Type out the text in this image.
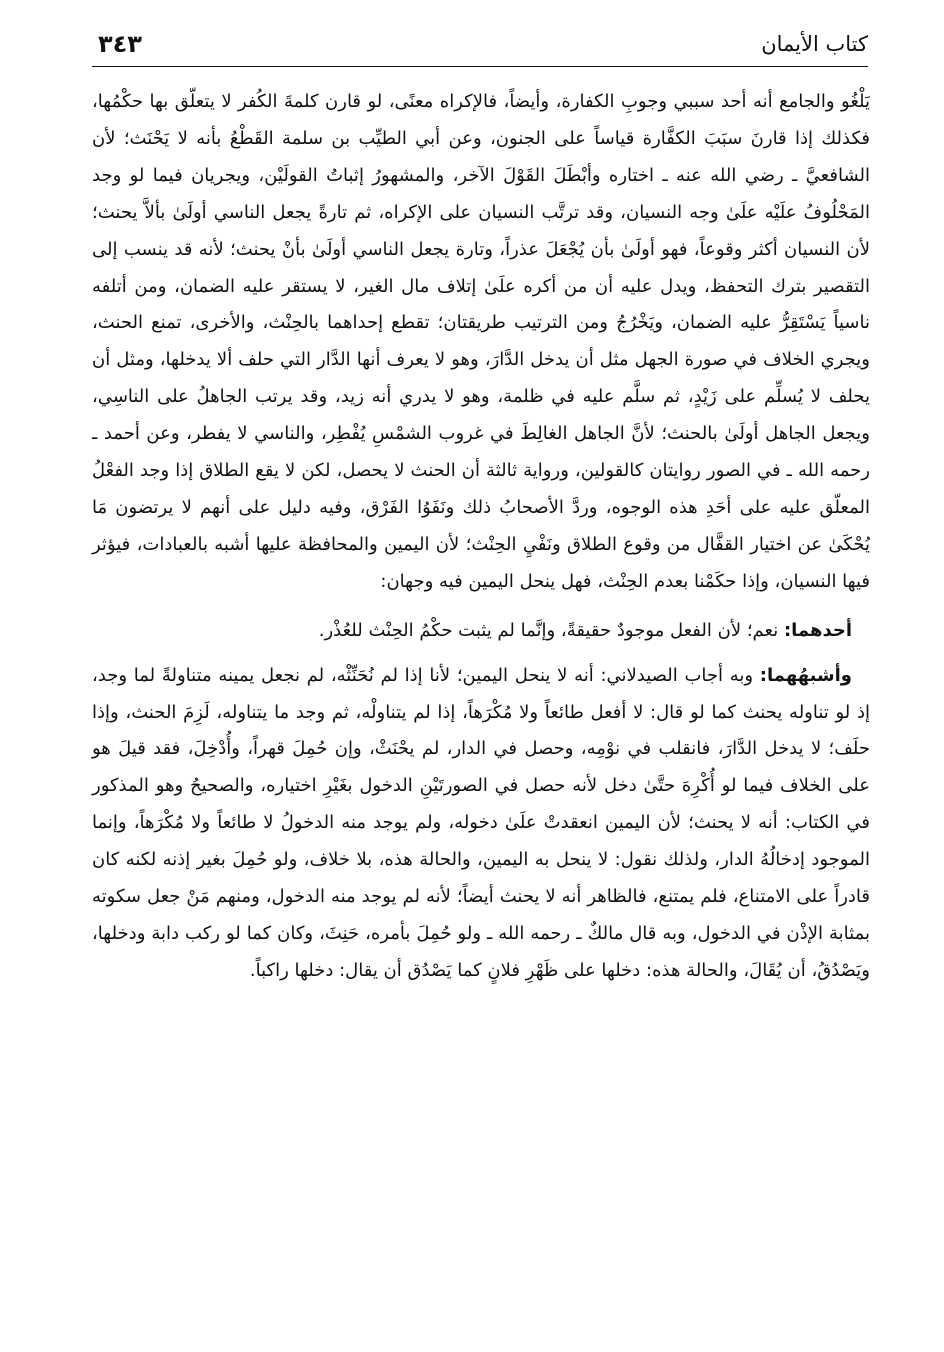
كتاب الأيمان
٣٤٣

يَلْغُو والجامع أنه أحد سببي وجوبِ الكفارة، وأيضاً، فالإكراه معنًى، لو قارن كلمةَ الكُفر لا يتعلّق بها حكْمُها، فكذلك إذا قارنَ سبَبَ الكفَّارة قياساً على الجنون، وعن أبي الطيِّب بن سلمة القَطْعُ بأنه لا يَحْنَث؛ لأن الشافعيَّ ـ رضي الله عنه ـ اختاره وأبْطَلَ القَوْلَ الآخر، والمشهورُ إثباتُ القولَيْن، ويجريان فيما لو وجد المَحْلُوفُ علَيْه علَىٰ وجه النسيان، وقد ترتَّب النسيان على الإكراه، ثم تارةً يجعل الناسي أولَىٰ بألاَّ يحنث؛ لأن النسيان أكثر وقوعاً، فهو أولَىٰ بأن يُجْعَلَ عذراً، وتارة يجعل الناسي أولَىٰ بأنْ يحنث؛ لأنه قد ينسب إلى التقصير بترك التحفظ، ويدل عليه أن من أكره علَىٰ إتلاف مال الغير، لا يستقر عليه الضمان، ومن أتلفه ناسياً يَسْتَقِرُّ عليه الضمان، ويَخْرُجُ ومن الترتيب طريقتان؛ تقطع إحداهما بالحِنْث، والأخرى، تمنع الحنث، ويجري الخلاف في صورة الجهل مثل أن يدخل الدَّارَ، وهو لا يعرف أنها الدَّار التي حلف ألا يدخلها، ومثل أن يحلف لا يُسلِّم على زَيْدٍ، ثم سلَّم عليه في ظلمة، وهو لا يدري أنه زيد، وقد يرتب الجاهلُ على الناسِي، ويجعل الجاهل أولَىٰ بالحنث؛ لأنَّ الجاهل الغالِطَ في غروب الشمْسِ يُفْطِر، والناسي لا يفطر، وعن أحمد ـ رحمه الله ـ في الصور روايتان كالقولين، ورواية ثالثة أن الحنث لا يحصل، لكن لا يقع الطلاق إذا وجد الفعْلُ المعلّق عليه على أحَدِ هذه الوجوه، وردَّ الأصحابُ ذلك ونَفَوُا الفَرْق، وفيه دليل على أنهم لا يرتضون مَا يُحْكَىٰ عن اختيار القفَّال من وقوع الطلاق ونَفْيِ الحِنْث؛ لأن اليمين والمحافظة عليها أشبه بالعبادات، فيؤثر فيها النسيان، وإذا حكَمْنا بعدم الحِنْث، فهل ينحل اليمين فيه وجهان:

أحدهما: نعم؛ لأن الفعل موجودٌ حقيقةً، وإنَّما لم يثبت حكْمُ الحِنْث للعُذْر.

وأشبهُهما: وبه أجاب الصيدلاني: أنه لا ينحل اليمين؛ لأنا إذا لم نُحَنِّثْه، لم نجعل يمينه متناولةً لما وجد، إذ لو تناوله يحنث كما لو قال: لا أفعل طائعاً ولا مُكْرَهاً، إذا لم يتناولْه، ثم وجد ما يتناوله، لَزِمَ الحنث، وإذا حلَف؛ لا يدخل الدَّارَ، فانقلب في نوْمِه، وحصل في الدار، لم يحْنَثْ، وإن حُمِلَ قهراً، وأُدْخِلَ، فقد قيلَ هو على الخلاف فيما لو أُكْرِهَ حتَّىٰ دخل لأنه حصل في الصورتَيْنِ الدخول بغَيْرِ اختياره، والصحيحُ وهو المذكور في الكتاب: أنه لا يحنث؛ لأن اليمين انعقدتْ علَىٰ دخوله، ولم يوجد منه الدخولُ لا طائعاً ولا مُكْرَهاً، وإنما الموجود إدخالُهُ الدار، ولذلك نقول: لا ينحل به اليمين، والحالة هذه، بلا خلاف، ولو حُمِلَ بغير إذنه لكنه كان قادراً على الامتناع، فلم يمتنع، فالظاهر أنه لا يحنث أيضاً؛ لأنه لم يوجد منه الدخول، ومنهم مَنْ جعل سكوته بمثابة الإذْن في الدخول، وبه قال مالكٌ ـ رحمه الله ـ ولو حُمِلَ بأمره، حَنِثَ، وكان كما لو ركب دابة ودخلها، ويَصْدُقُ، أن يُقَالَ، والحالة هذه: دخلها على ظَهْرِ فلانٍ كما يَصْدُق أن يقال: دخلها راكباً.
